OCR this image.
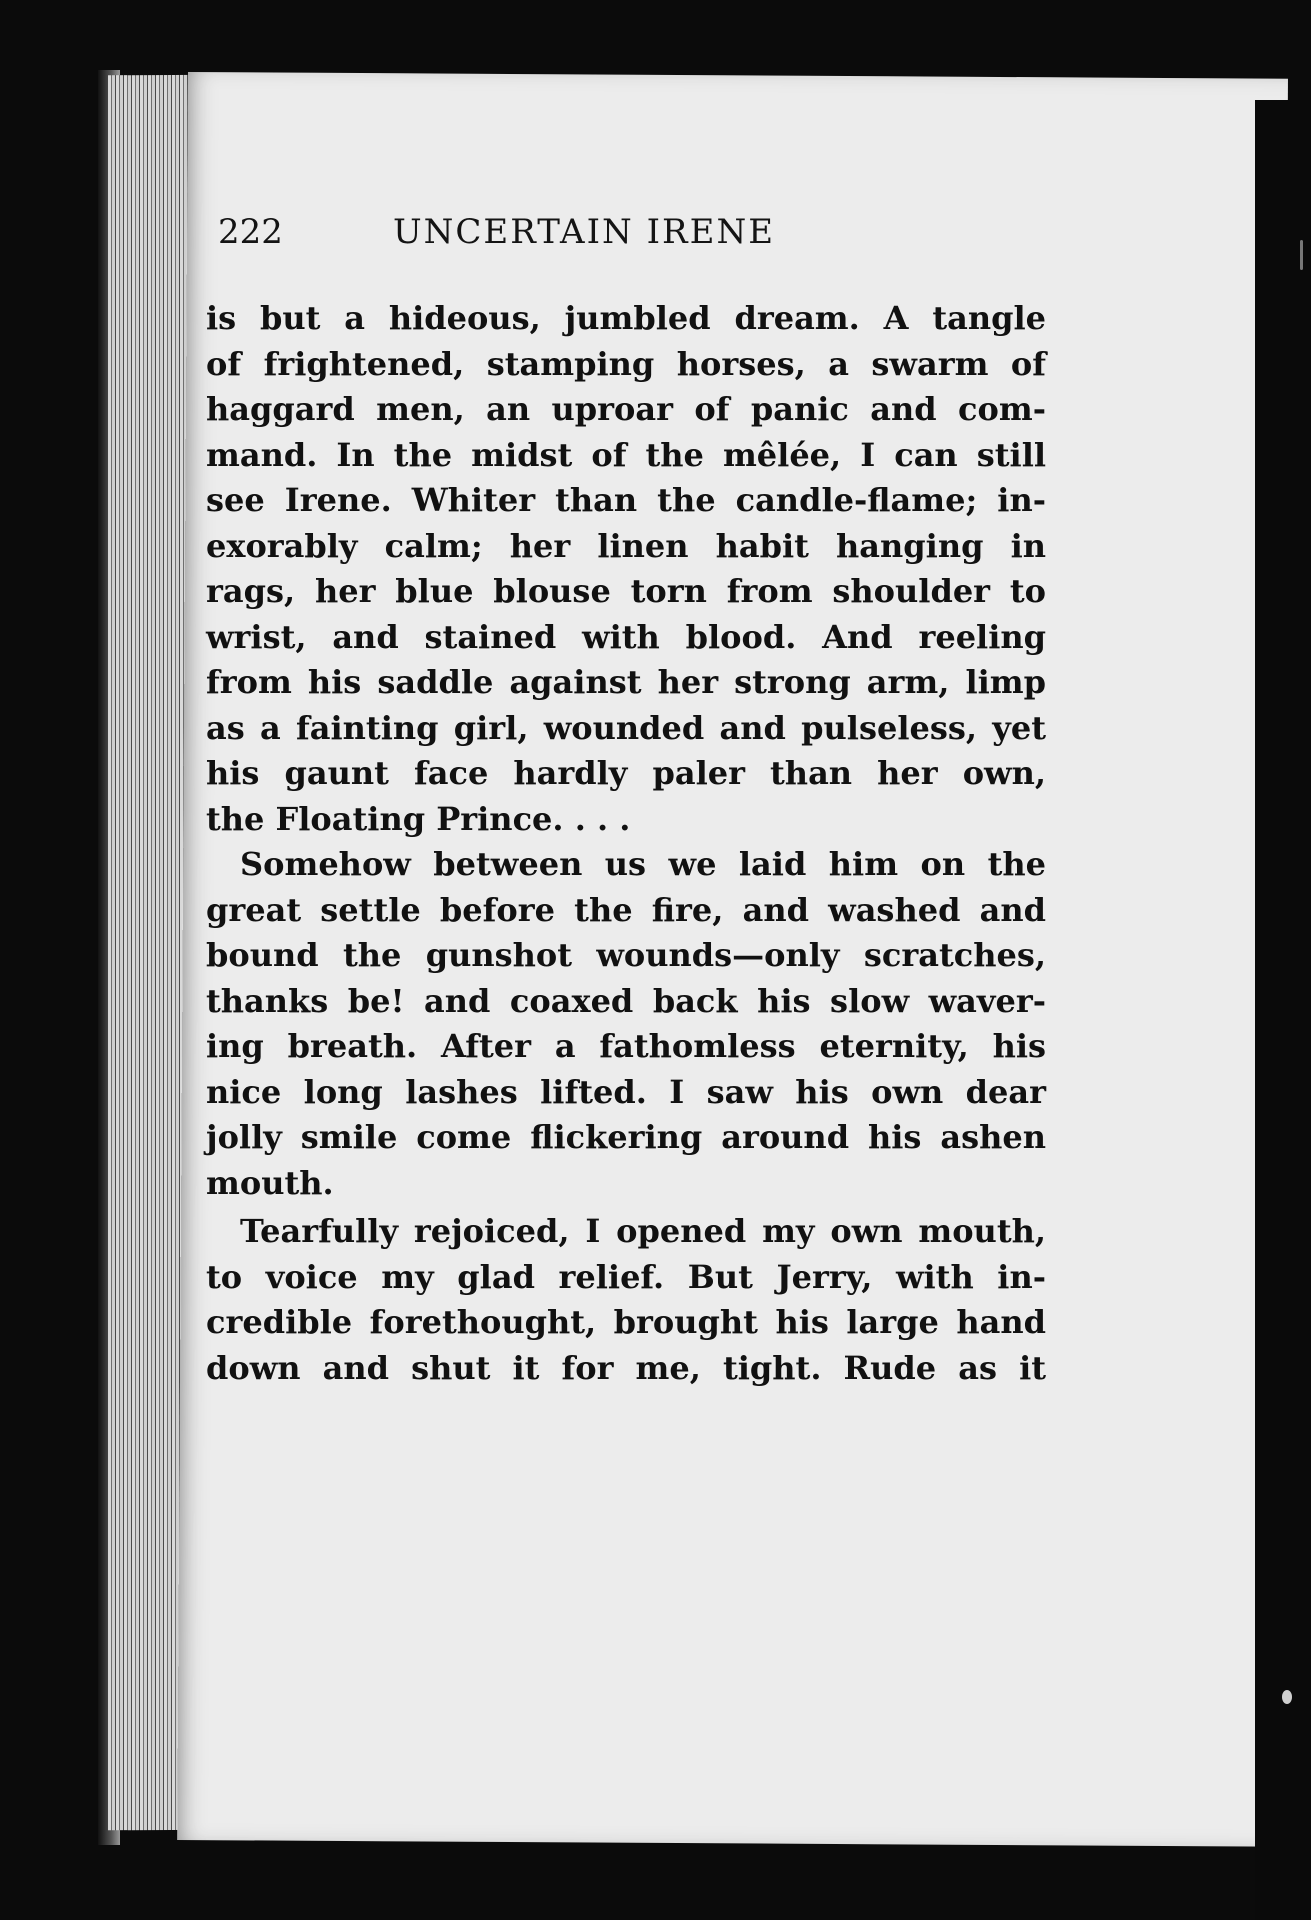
222	UNCERTAIN IRENE
is but a hideous, jumbled dream. A tangle
of frightened, stamping horses, a swarm of
haggard men, an uproar of panic and com-
mand. In the midst of the mêlée, I can still
see Irene. Whiter than the candle-flame; in-
exorably calm; her linen habit hanging in
rags, her blue blouse torn from shoulder to
wrist, and stained with blood. And reeling
from his saddle against her strong arm, limp
as a fainting girl, wounded and pulseless, yet
his gaunt face hardly paler than her own,
the Floating Prince. . . .
Somehow between us we laid him on the
great settle before the fire, and washed and
bound the gunshot wounds—only scratches,
thanks be! and coaxed back his slow waver-
ing breath. After a fathomless eternity, his
nice long lashes lifted. I saw his own dear
jolly smile come flickering around his ashen
mouth.
Tearfully rejoiced, I opened my own mouth,
to voice my glad relief. But Jerry, with in-
credible forethought, brought his large hand
down and shut it for me, tight. Rude as it
